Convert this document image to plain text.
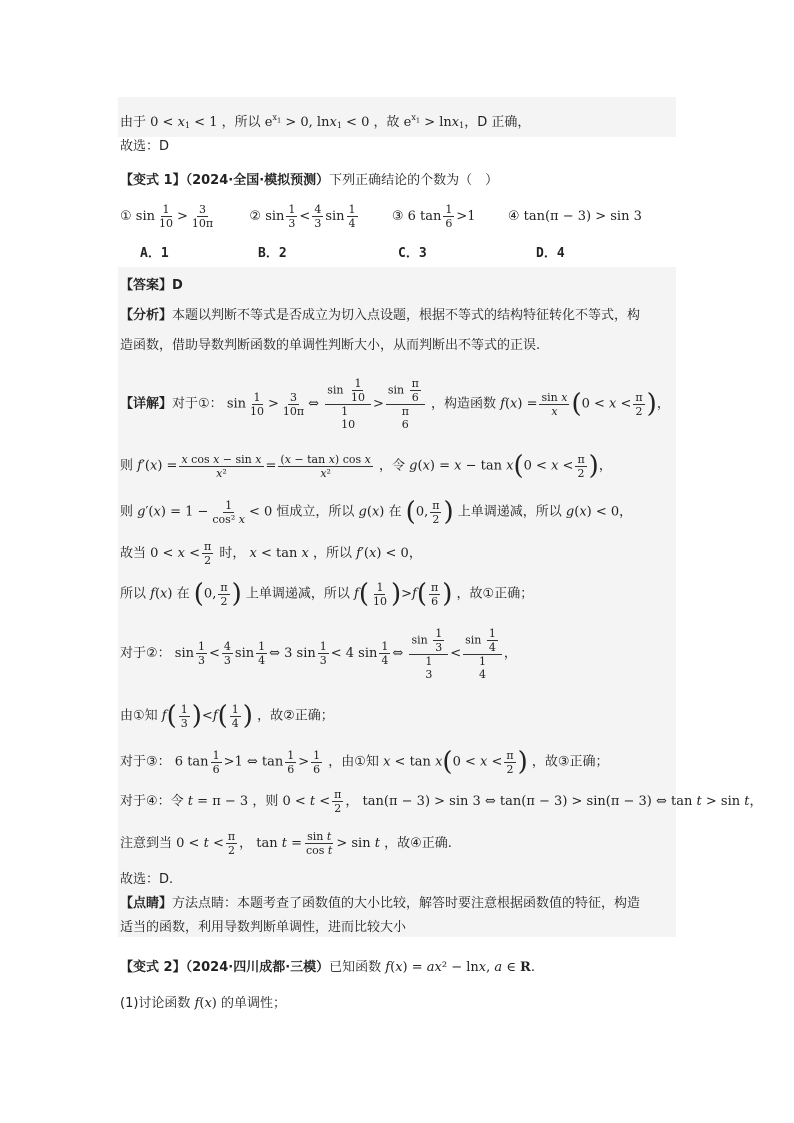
由于 $0 < x_1 < 1$ ，所以 $e^{x_1} > 0$, lnx$_1$ < 0 ，故 $e^{x_1} > \ln x_1$，D 正确，
故选：D
【变式 1】（2024·全国·模拟预测）下列正确结论的个数为（　）
① $\sin \frac{1}{10} > \frac{3}{10\pi}$	② $\sin \frac{1}{3} < \frac{4}{3}$ $\sin \frac{1}{4}$	③ 6 $\tan \frac{1}{6} >1$ ④ tan(π − 3) > sin 3
A．1	B．2	C．3	D．4
【答案】D
【分析】本题以判断不等式是否成立为切入点设题，根据不等式的结构特征转化不等式，构
造函数，借助导数判断函数的单调性判断大小，从而判断出不等式的正误.
【详解】对于①： $\sin \frac{1}{10} > \frac{3}{10\pi}$ ⇔
$\sin \frac{1}{10}$
1
10
>
$\sin \frac{\pi}{6}$
π
6
，构造函数 $f(x) = \frac{\text{sin x}}{x} (0 < x < \frac{\pi}{2}$ )，
则 $f'(x) = \frac{\text{x cos x − sin x}}{\text{x²}} = \frac{\text{(x − tan x) cos x}}{\text{x²}}$ ，令 $g(x) = x - \tan x(0 < x < \frac{\pi}{2}$ )，
则 $g'(x) = 1 - \frac{1}{\text{cos² x}} < 0$ 恒成立，所以 g(x) 在 (0, $\frac{\pi}{2}$ ) 上单调递减，所以 g(x) < 0，
故当 $0 < x < \frac{\pi}{2}$ 时， x < tan x ，所以 f′(x) < 0，
所以 f(x) 在 (0, $\frac{\pi}{2}$ ) 上单调递减，所以 $f( \frac{1}{10} )>f( \frac{\pi}{6}$ ) ，故①正确；
对于②： $\sin \frac{1}{3} < \frac{4}{3}$ $\sin \frac{1}{4}$ ⇔ 3 $\sin \frac{1}{3} < 4$ $\sin \frac{1}{4}$ ⇔
$\sin \frac{1}{3}$
1
3
<
$\sin \frac{1}{4}$
1
4
，
由①知 $f( \frac{1}{3} )<f( \frac{1}{4}$ ) ，故②正确；
对于③： 6 $\tan \frac{1}{6} >1$ ⇔ $\tan \frac{1}{6} > \frac{1}{6}$ ，由①知 $x < \tan x(0 < x < \frac{\pi}{2}$ ) ，故③正确；
对于④：令 t = π − 3 ，则 $0 < t < \frac{\pi}{2}$ ， tan(π − 3) > sin 3 ⇔ tan(π − 3) > sin(π − 3) ⇔ tan t > sin t，
注意到当 $0 < t < \frac{\pi}{2}$ ， $\tan t = \frac{\text{sin t}}{\text{cos t}} > \sin t$ ，故④正确.
故选：D.
【点睛】方法点睛：本题考查了函数值的大小比较，解答时要注意根据函数值的特征，构造
适当的函数，利用导数判断单调性，进而比较大小
【变式 2】（2024·四川成都·三模）已知函数 f(x) = ax² − lnx, a ∈ R.
(1)讨论函数 f(x) 的单调性；
